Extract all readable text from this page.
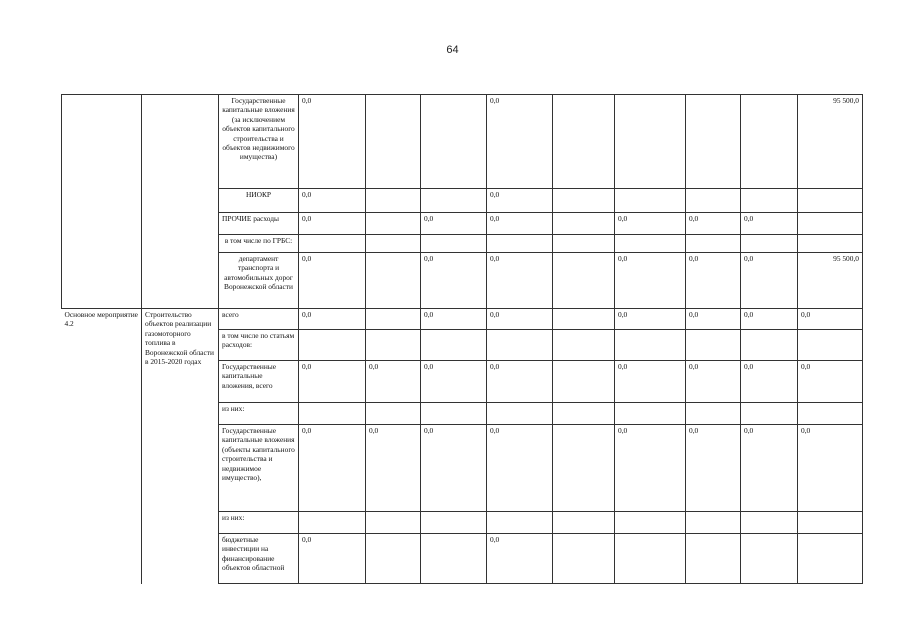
64
		Государственные капитальные вложения (за исключением объектов капитального строительства и объектов недвижимого имущества)	0,0			0,0					95 500,0
		НИОКР	0,0			0,0					
		ПРОЧИЕ расходы	0,0		0,0	0,0		0,0	0,0	0,0	
		в том числе по ГРБС:									
		департамент транспорта и автомобильных дорог Воронежской области	0,0		0,0	0,0		0,0	0,0	0,0	95 500,0
Основное мероприятие 4.2	Строительство объектов реализации газомоторного топлива в Воронежской области в 2015-2020 годах	всего	0,0		0,0	0,0		0,0	0,0	0,0	0,0
		в том числе по статьям расходов:									
		Государственные капитальные вложения, всего	0,0	0,0	0,0	0,0		0,0	0,0	0,0	0,0
		из них:									
		Государственные капитальные вложения (объекты капитального строительства и недвижимое имущество),	0,0	0,0	0,0	0,0		0,0	0,0	0,0	0,0
		из них:									
		бюджетные инвестиции на финансирование объектов областной	0,0			0,0					
